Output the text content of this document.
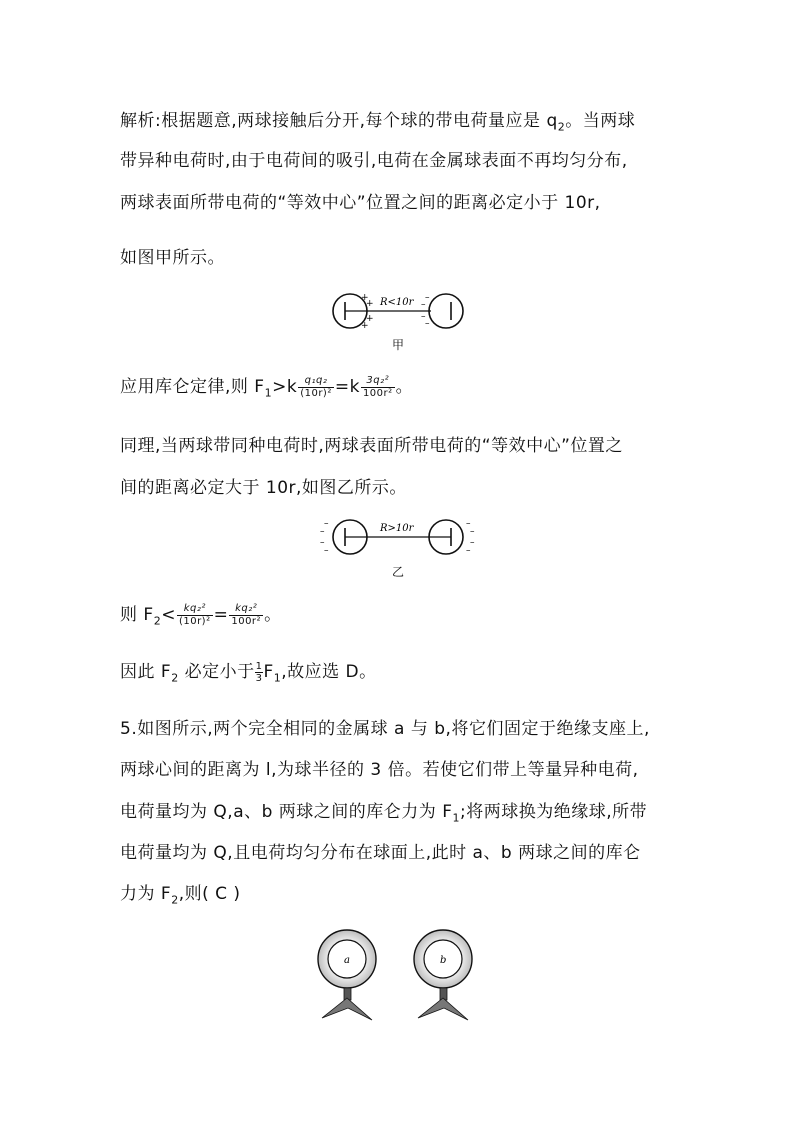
解析:根据题意,两球接触后分开,每个球的带电荷量应是 $q_2$。当两球
带异种电荷时,由于电荷间的吸引,电荷在金属球表面不再均匀分布,
两球表面所带电荷的“等效中心”位置之间的距离必定小于 10r,
如图甲所示。
+
+
+
+
–
–
–
–
R<10r
甲
应用库仑定律,则 $F_1>k \frac{\text{q₁q₂}}{\text{(10r)²}} =k \frac{\text{3q₂²}}{\text{100r²}}$ 。
同理,当两球带同种电荷时,两球表面所带电荷的“等效中心”位置之
间的距离必定大于 10r,如图乙所示。
–
–
–
–
–
–
–
–
R>10r
乙
则 $F_2< \frac{\text{kq₂²}}{\text{(10r)²}} = \frac{\text{kq₂²}}{\text{100r²}}$ 。
因此 $F_2$ 必定小于 $\frac{1}{3} F_1$,故应选 D。
5.如图所示,两个完全相同的金属球 a 与 b,将它们固定于绝缘支座上,
两球心间的距离为 l,为球半径的 3 倍。若使它们带上等量异种电荷,
电荷量均为 Q,a、b 两球之间的库仑力为 $F_1$;将两球换为绝缘球,所带
电荷量均为 Q,且电荷均匀分布在球面上,此时 a、b 两球之间的库仑
力为 $F_2$,则( C )
a	b
